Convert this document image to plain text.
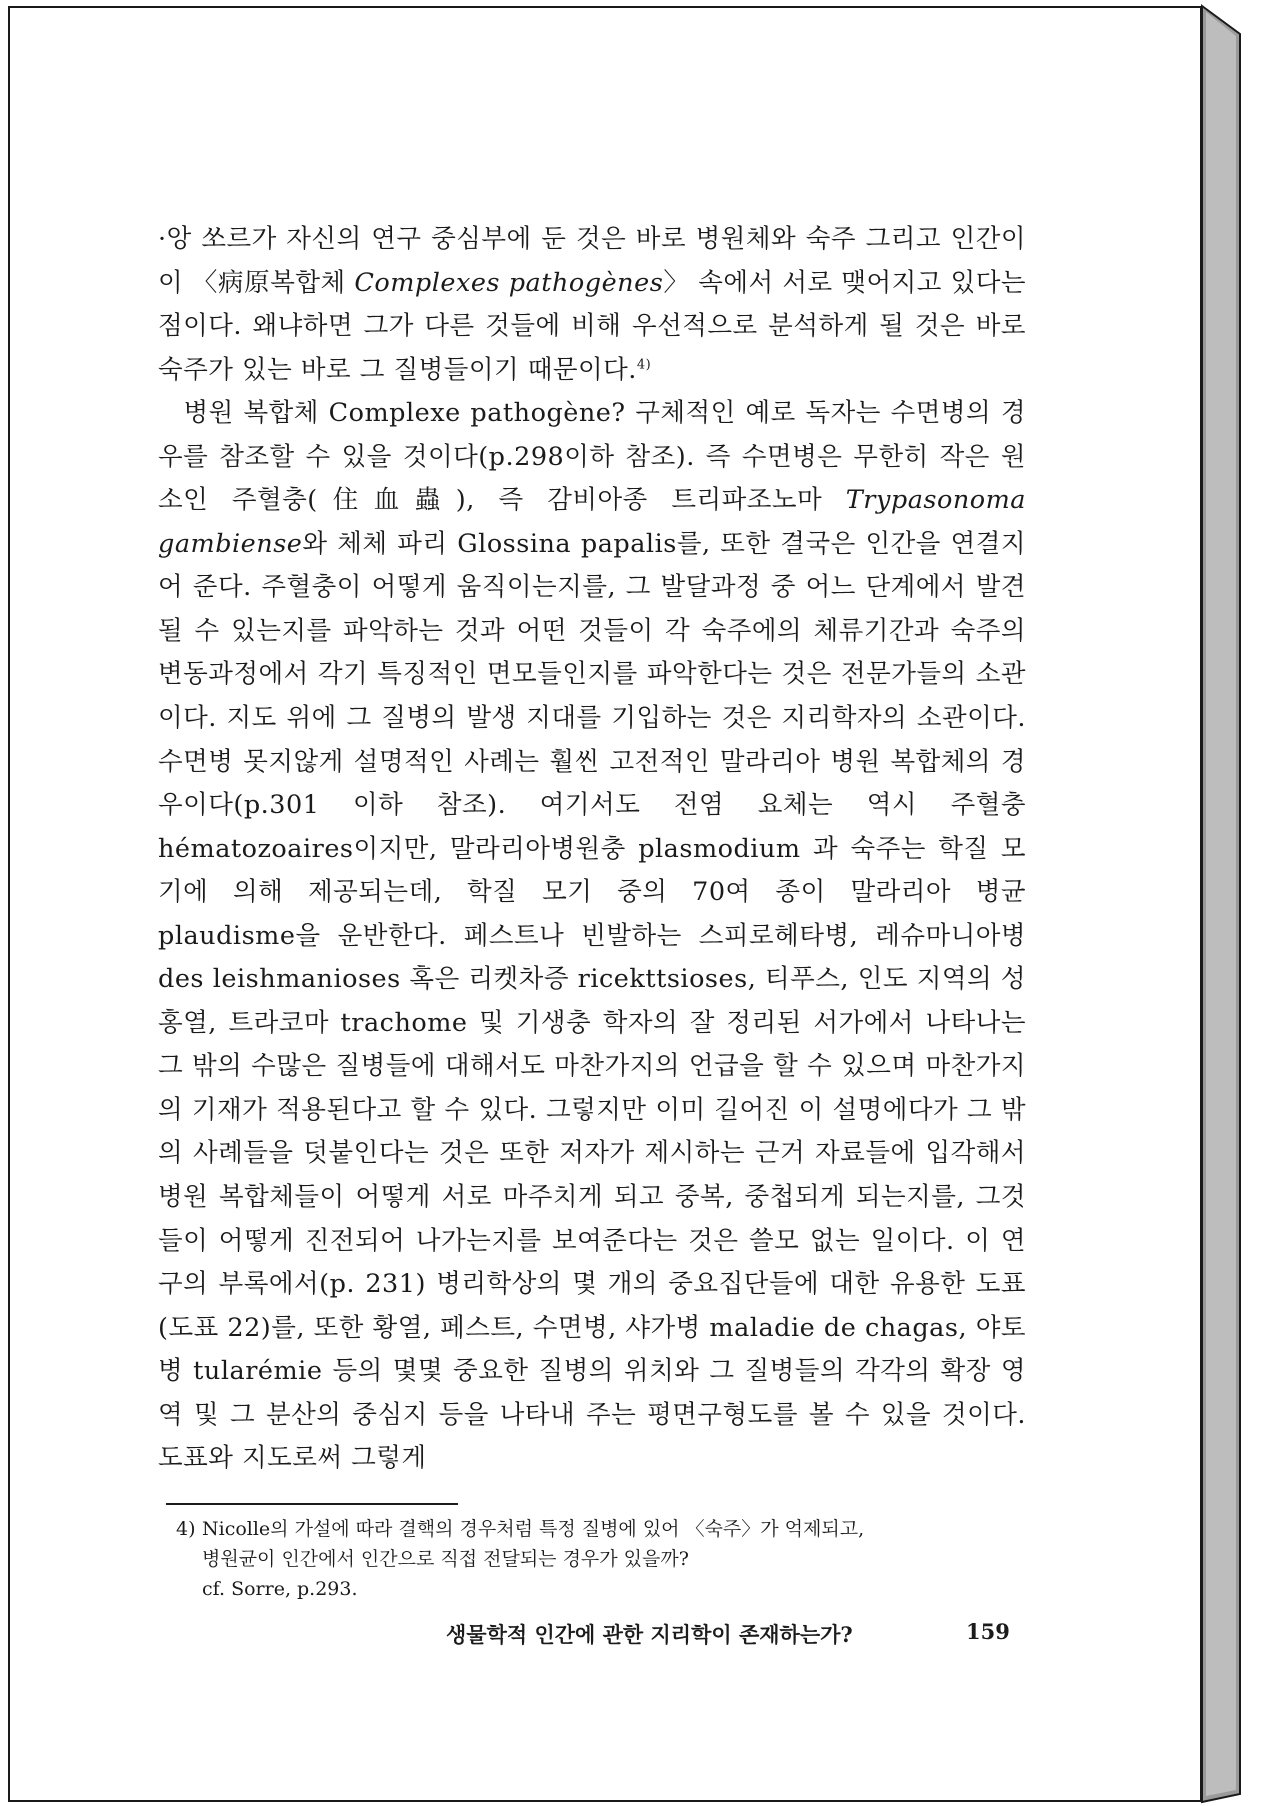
·앙 쏘르가 자신의 연구 중심부에 둔 것은 바로 병원체와 숙주 그리고 인간이 이 〈病原복합체 Complexes pathogènes〉 속에서 서로 맺어지고 있다는 점이다. 왜냐하면 그가 다른 것들에 비해 우선적으로 분석하게 될 것은 바로 숙주가 있는 바로 그 질병들이기 때문이다.$^{4)}$

병원 복합체 Complexe pathogène? 구체적인 예로 독자는 수면병의 경우를 참조할 수 있을 것이다(p.298이하 참조). 즉 수면병은 무한히 작은 원소인 주혈충(住血蟲), 즉 감비아종 트리파조노마 Trypasonoma gambiense와 체체 파리 Glossina papalis를, 또한 결국은 인간을 연결지어 준다. 주혈충이 어떻게 움직이는지를, 그 발달과정 중 어느 단계에서 발견될 수 있는지를 파악하는 것과 어떤 것들이 각 숙주에의 체류기간과 숙주의 변동과정에서 각기 특징적인 면모들인지를 파악한다는 것은 전문가들의 소관이다. 지도 위에 그 질병의 발생 지대를 기입하는 것은 지리학자의 소관이다. 수면병 못지않게 설명적인 사례는 훨씬 고전적인 말라리아 병원 복합체의 경우이다(p.301 이하 참조). 여기서도 전염 요체는 역시 주혈충 hématozoaires이지만, 말라리아병원충 plasmodium 과 숙주는 학질 모기에 의해 제공되는데, 학질 모기 중의 70여 종이 말라리아 병균 plaudisme을 운반한다. 페스트나 빈발하는 스피로헤타병, 레슈마니아병 des leishmanioses 혹은 리켓차증 ricekttsioses, 티푸스, 인도 지역의 성홍열, 트라코마 trachome 및 기생충 학자의 잘 정리된 서가에서 나타나는 그 밖의 수많은 질병들에 대해서도 마찬가지의 언급을 할 수 있으며 마찬가지의 기재가 적용된다고 할 수 있다. 그렇지만 이미 길어진 이 설명에다가 그 밖의 사례들을 덧붙인다는 것은 또한 저자가 제시하는 근거 자료들에 입각해서 병원 복합체들이 어떻게 서로 마주치게 되고 중복, 중첩되게 되는지를, 그것들이 어떻게 진전되어 나가는지를 보여준다는 것은 쓸모 없는 일이다. 이 연구의 부록에서(p. 231) 병리학상의 몇 개의 중요집단들에 대한 유용한 도표(도표 22)를, 또한 황열, 페스트, 수면병, 샤가병 maladie de chagas, 야토병 tularémie 등의 몇몇 중요한 질병의 위치와 그 질병들의 각각의 확장 영역 및 그 분산의 중심지 등을 나타내 주는 평면구형도를 볼 수 있을 것이다. 도표와 지도로써 그렇게

4) Nicolle의 가설에 따라 결핵의 경우처럼 특정 질병에 있어 〈숙주〉가 억제되고,
병원균이 인간에서 인간으로 직접 전달되는 경우가 있을까?
cf. Sorre, p.293.
생물학적 인간에 관한 지리학이 존재하는가?	159
